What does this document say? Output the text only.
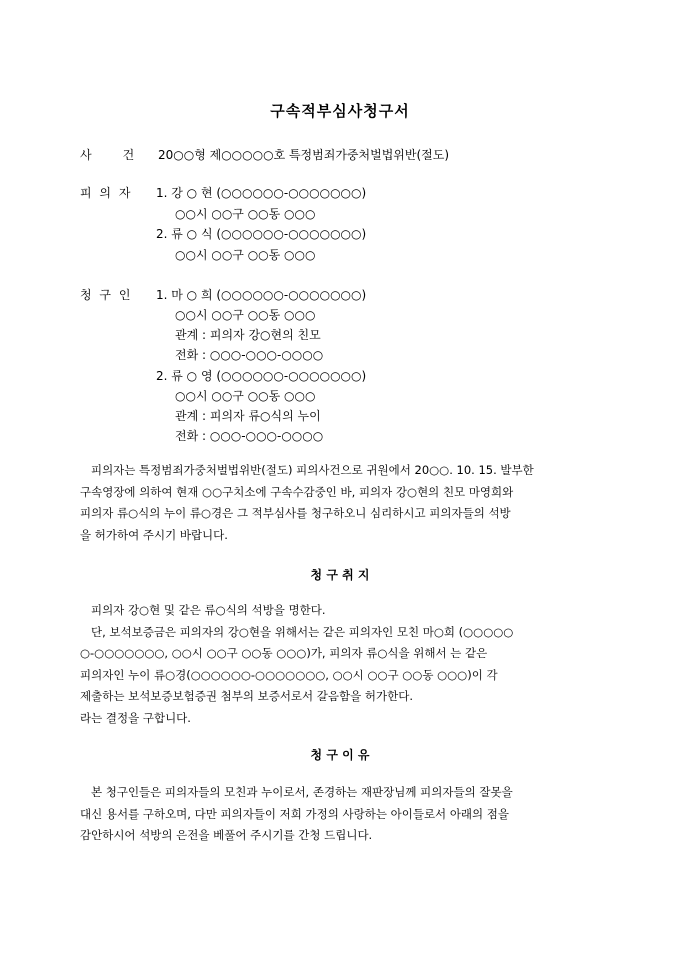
구속적부심사청구서
사     건 20○○형 제○○○○○호 특정범죄가중처벌법위반(절도)
피 의 자 1. 강 ○ 현 (○○○○○○-○○○○○○○)
○○시 ○○구 ○○동 ○○○
2. 류 ○ 식 (○○○○○○-○○○○○○○)
○○시 ○○구 ○○동 ○○○
청 구 인 1. 마 ○ 희 (○○○○○○-○○○○○○○)
○○시 ○○구 ○○동 ○○○
관계 : 피의자 강○현의 친모
전화 : ○○○-○○○-○○○○
2. 류 ○ 영 (○○○○○○-○○○○○○○)
○○시 ○○구 ○○동 ○○○
관계 : 피의자 류○식의 누이
전화 : ○○○-○○○-○○○○
피의자는 특정범죄가중처벌법위반(절도) 피의사건으로 귀원에서 20○○. 10. 15. 발부한
구속영장에 의하여 현재 ○○구치소에 구속수감중인 바, 피의자 강○현의 친모 마영희와
피의자 류○식의 누이 류○경은 그 적부심사를 청구하오니 심리하시고 피의자들의 석방
을 허가하여 주시기 바랍니다.
청 구 취 지
피의자 강○현 및 같은 류○식의 석방을 명한다.
단, 보석보증금은 피의자의 강○현을 위해서는 같은 피의자인 모친 마○희 (○○○○○
○-○○○○○○○, ○○시 ○○구 ○○동 ○○○)가, 피의자 류○식을 위해서 는 같은
피의자인 누이 류○경(○○○○○○-○○○○○○○, ○○시 ○○구 ○○동 ○○○)이 각
제출하는 보석보증보험증권 첨부의 보증서로서 갈음함을 허가한다.
라는 결정을 구합니다.
청 구 이 유
본 청구인들은 피의자들의 모친과 누이로서, 존경하는 재판장님께 피의자들의 잘못을
대신 용서를 구하오며, 다만 피의자들이 저희 가정의 사랑하는 아이들로서 아래의 점을
감안하시어 석방의 은전을 베풀어 주시기를 간청 드립니다.
